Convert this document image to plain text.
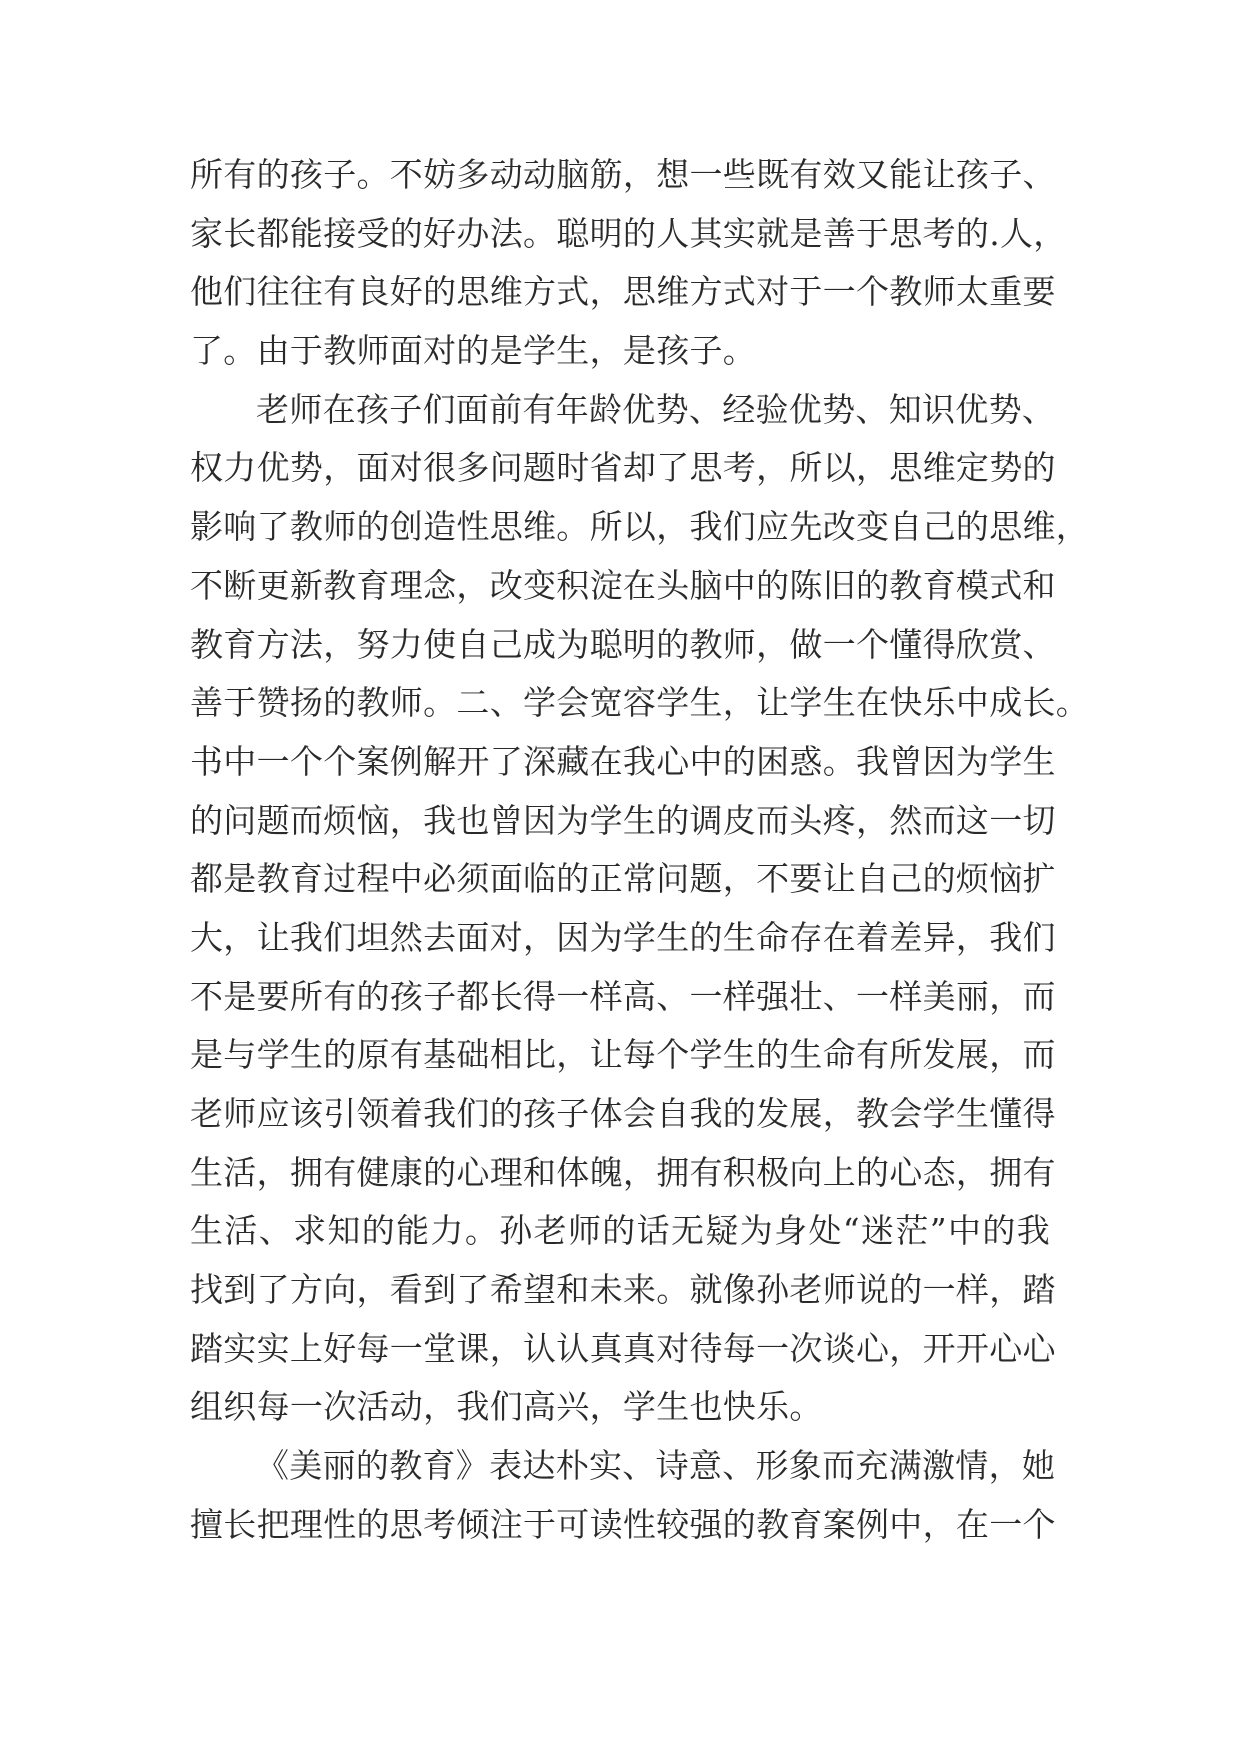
所有的孩子。不妨多动动脑筋，想一些既有效又能让孩子、
家长都能接受的好办法。聪明的人其实就是善于思考的.人，
他们往往有良好的思维方式，思维方式对于一个教师太重要
了。由于教师面对的是学生，是孩子。
老师在孩子们面前有年龄优势、经验优势、知识优势、
权力优势，面对很多问题时省却了思考，所以，思维定势的
影响了教师的创造性思维。所以，我们应先改变自己的思维，
不断更新教育理念，改变积淀在头脑中的陈旧的教育模式和
教育方法，努力使自己成为聪明的教师，做一个懂得欣赏、
善于赞扬的教师。二、学会宽容学生，让学生在快乐中成长。
书中一个个案例解开了深藏在我心中的困惑。我曾因为学生
的问题而烦恼，我也曾因为学生的调皮而头疼，然而这一切
都是教育过程中必须面临的正常问题，不要让自己的烦恼扩
大，让我们坦然去面对，因为学生的生命存在着差异，我们
不是要所有的孩子都长得一样高、一样强壮、一样美丽，而
是与学生的原有基础相比，让每个学生的生命有所发展，而
老师应该引领着我们的孩子体会自我的发展，教会学生懂得
生活，拥有健康的心理和体魄，拥有积极向上的心态，拥有
生活、求知的能力。孙老师的话无疑为身处“迷茫”中的我
找到了方向，看到了希望和未来。就像孙老师说的一样，踏
踏实实上好每一堂课，认认真真对待每一次谈心，开开心心
组织每一次活动，我们高兴，学生也快乐。
《美丽的教育》表达朴实、诗意、形象而充满激情，她
擅长把理性的思考倾注于可读性较强的教育案例中，在一个
